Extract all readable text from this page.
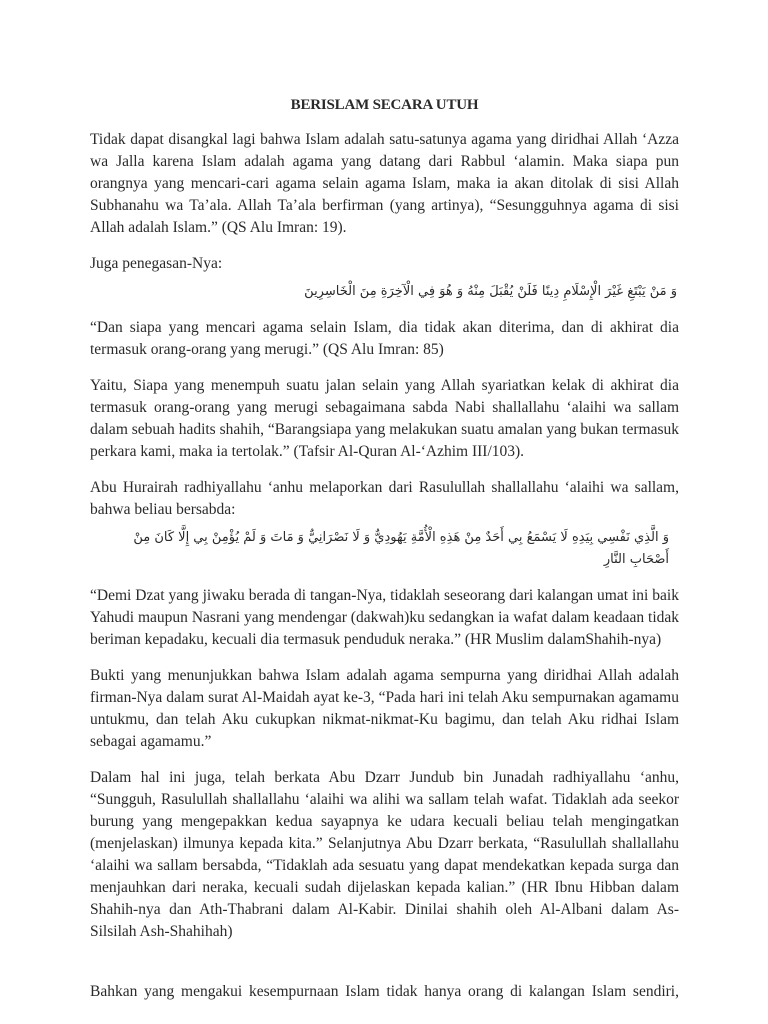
BERISLAM SECARA UTUH

Tidak dapat disangkal lagi bahwa Islam adalah satu-satunya agama yang diridhai Allah ‘Azza wa Jalla karena Islam adalah agama yang datang dari Rabbul ‘alamin. Maka siapa pun orangnya yang mencari-cari agama selain agama Islam, maka ia akan ditolak di sisi Allah Subhanahu wa Ta’ala. Allah Ta’ala berfirman (yang artinya), “Sesungguhnya agama di sisi Allah adalah Islam.” (QS Alu Imran: 19).

Juga penegasan-Nya:

وَ مَنْ يَبْتَغِ غَيْرَ الْإِسْلَامِ دِينًا فَلَنْ يُقْبَلَ مِنْهُ وَ هُوَ فِي الْآخِرَةِ مِنَ الْخَاسِرِينَ

“Dan siapa yang mencari agama selain Islam, dia tidak akan diterima, dan di akhirat dia termasuk orang-orang yang merugi.” (QS Alu Imran: 85)

Yaitu, Siapa yang menempuh suatu jalan selain yang Allah syariatkan kelak di akhirat dia termasuk orang-orang yang merugi sebagaimana sabda Nabi shallallahu ‘alaihi wa sallam dalam sebuah hadits shahih, “Barangsiapa yang melakukan suatu amalan yang bukan termasuk perkara kami, maka ia tertolak.” (Tafsir Al-Quran Al-‘Azhim III/103).

Abu Hurairah radhiyallahu ‘anhu melaporkan dari Rasulullah shallallahu ‘alaihi wa sallam, bahwa beliau bersabda:

وَ الَّذِي نَفْسِي بِيَدِهِ لَا يَسْمَعُ بِي أَحَدٌ مِنْ هَذِهِ الْأُمَّةِ يَهُودِيٌّ وَ لَا نَصْرَانِيٌّ وَ مَاتَ وَ لَمْ يُؤْمِنْ بِي إِلَّا كَانَ مِنْ أَصْحَابِ النَّارِ

“Demi Dzat yang jiwaku berada di tangan-Nya, tidaklah seseorang dari kalangan umat ini baik Yahudi maupun Nasrani yang mendengar (dakwah)ku sedangkan ia wafat dalam keadaan tidak beriman kepadaku, kecuali dia termasuk penduduk neraka.” (HR Muslim dalamShahih-nya)

Bukti yang menunjukkan bahwa Islam adalah agama sempurna yang diridhai Allah adalah firman-Nya dalam surat Al-Maidah ayat ke-3, “Pada hari ini telah Aku sempurnakan agamamu untukmu, dan telah Aku cukupkan nikmat-nikmat-Ku bagimu, dan telah Aku ridhai Islam sebagai agamamu.”

Dalam hal ini juga, telah berkata Abu Dzarr Jundub bin Junadah radhiyallahu ‘anhu, “Sungguh, Rasulullah shallallahu ‘alaihi wa alihi wa sallam telah wafat. Tidaklah ada seekor burung yang mengepakkan kedua sayapnya ke udara kecuali beliau telah mengingatkan (menjelaskan) ilmunya kepada kita.” Selanjutnya Abu Dzarr berkata, “Rasulullah shallallahu ‘alaihi wa sallam bersabda, “Tidaklah ada sesuatu yang dapat mendekatkan kepada surga dan menjauhkan dari neraka, kecuali sudah dijelaskan kepada kalian.” (HR Ibnu Hibban dalam Shahih-nya dan Ath-Thabrani dalam Al-Kabir. Dinilai shahih oleh Al-Albani dalam As-Silsilah Ash-Shahihah)

Bahkan yang mengakui kesempurnaan Islam tidak hanya orang di kalangan Islam sendiri,
